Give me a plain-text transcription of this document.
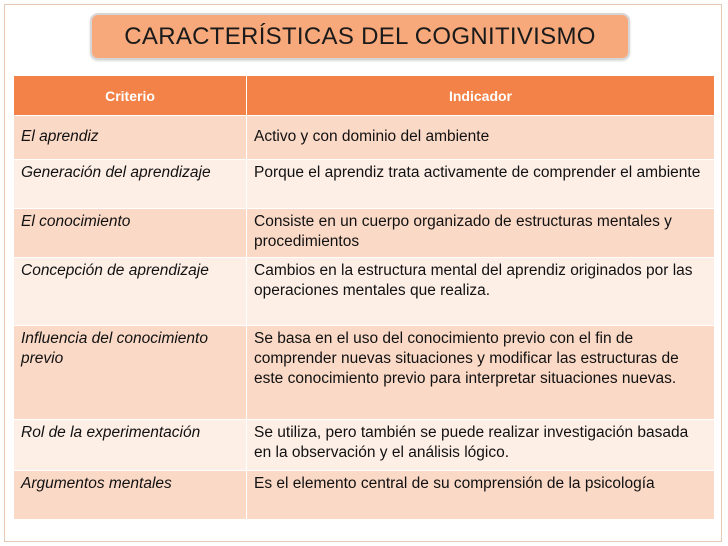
CARACTERÍSTICAS DEL COGNITIVISMO
Criterio	Indicador
El aprendiz	Activo y con dominio del ambiente
Generación del aprendizaje	Porque el aprendiz trata activamente de comprender el ambiente
El conocimiento	Consiste en un cuerpo organizado de estructuras mentales y procedimientos
Concepción de aprendizaje	Cambios en la estructura mental del aprendiz originados por las operaciones mentales que realiza.
Influencia del conocimiento previo	Se basa en el uso del conocimiento previo con el fin de comprender nuevas situaciones y modificar las estructuras de este conocimiento previo para interpretar situaciones nuevas.
Rol de la experimentación	Se utiliza, pero también se puede realizar investigación basada en la observación y el análisis lógico.
Argumentos mentales	Es el elemento central de su comprensión de la psicología
